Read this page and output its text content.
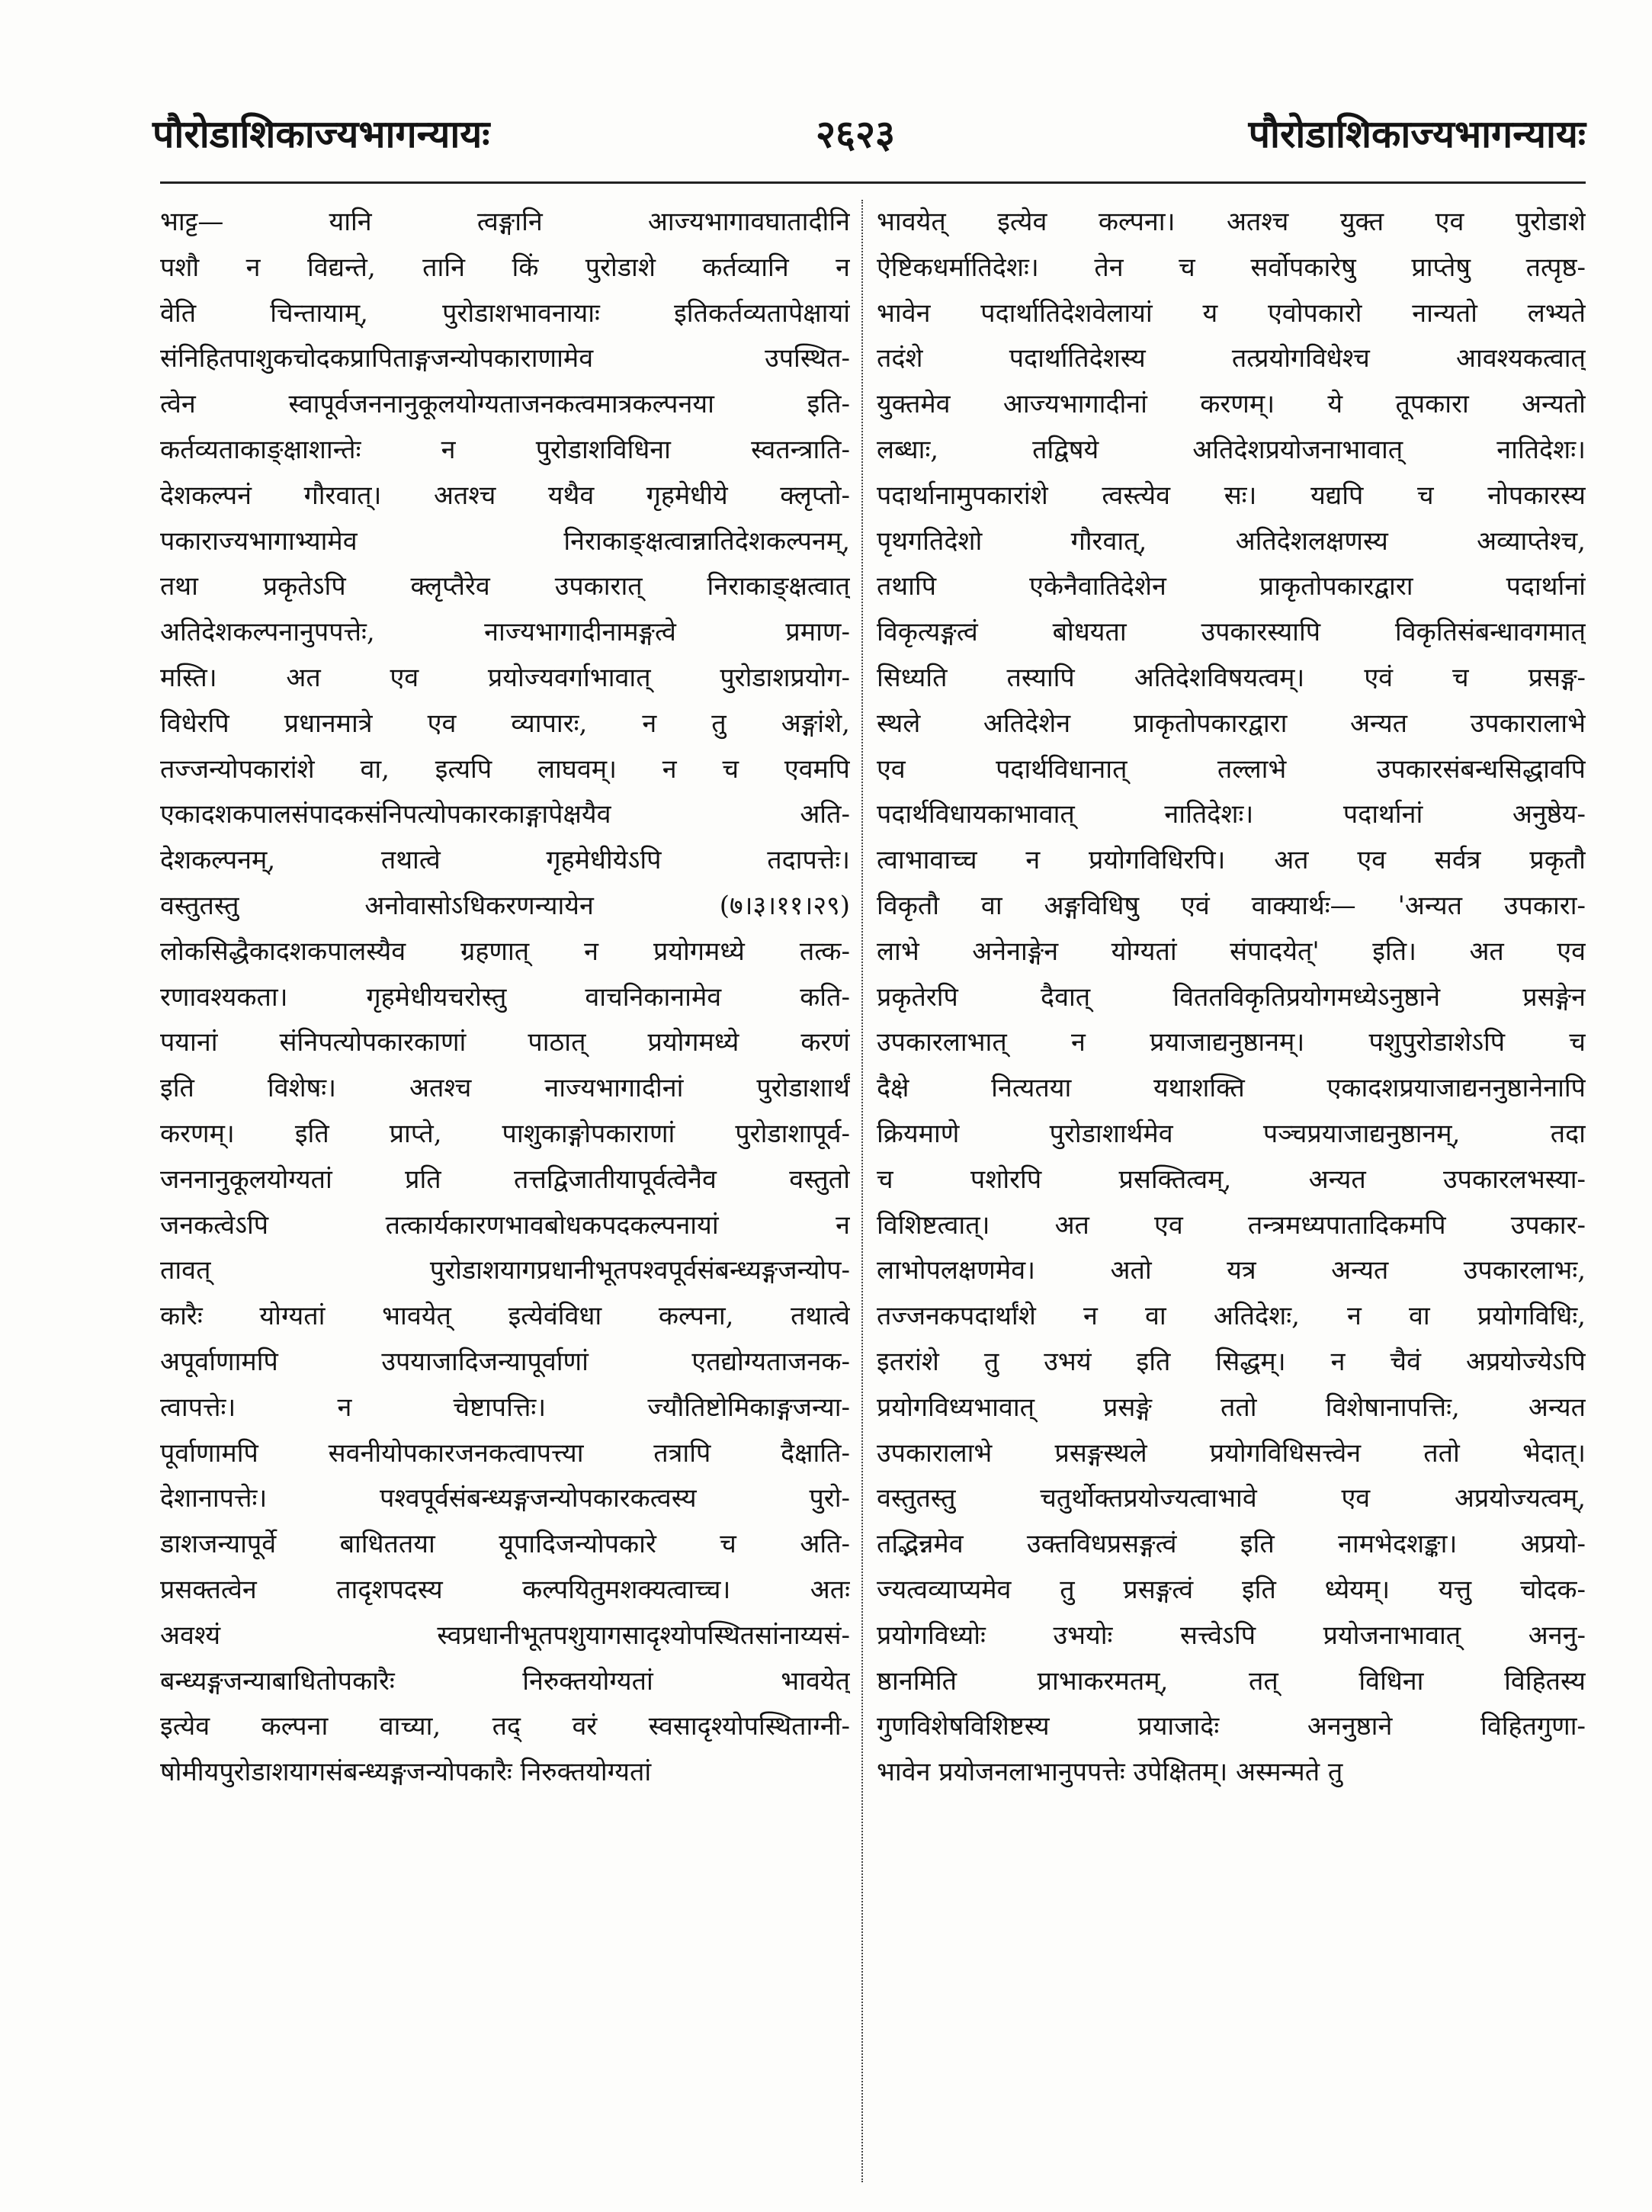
पौरोडाशिकाज्यभागन्यायः	२६२३	पौरोडाशिकाज्यभागन्यायः
भाट्ट— यानि त्वङ्गानि आज्यभागावघातादीनि
पशौ न विद्यन्ते, तानि किं पुरोडाशे कर्तव्यानि न
वेति चिन्तायाम्, पुरोडाशभावनायाः इतिकर्तव्यतापेक्षायां
संनिहितपाशुकचोदकप्रापिताङ्गजन्योपकाराणामेव उपस्थित-
त्वेन स्वापूर्वजननानुकूलयोग्यताजनकत्वमात्रकल्पनया इति-
कर्तव्यताकाङ्क्षाशान्तेः न पुरोडाशविधिना स्वतन्त्राति-
देशकल्पनं गौरवात्। अतश्च यथैव गृहमेधीये क्लृप्तो-
पकाराज्यभागाभ्यामेव निराकाङ्क्षत्वान्नातिदेशकल्पनम्,
तथा प्रकृतेऽपि क्लृप्तैरेव उपकारात् निराकाङ्क्षत्वात्
अतिदेशकल्पनानुपपत्तेः, नाज्यभागादीनामङ्गत्वे प्रमाण-
मस्ति। अत एव प्रयोज्यवर्गाभावात् पुरोडाशप्रयोग-
विधेरपि प्रधानमात्रे एव व्यापारः, न तु अङ्गांशे,
तज्जन्योपकारांशे वा, इत्यपि लाघवम्। न च एवमपि
एकादशकपालसंपादकसंनिपत्योपकारकाङ्गापेक्षयैव अति-
देशकल्पनम्, तथात्वे गृहमेधीयेऽपि तदापत्तेः।
वस्तुतस्तु अनोवासोऽधिकरणन्यायेन (७।३।११।२९)
लोकसिद्धैकादशकपालस्यैव ग्रहणात् न प्रयोगमध्ये तत्क-
रणावश्यकता। गृहमेधीयचरोस्तु वाचनिकानामेव कति-
पयानां संनिपत्योपकारकाणां पाठात् प्रयोगमध्ये करणं
इति विशेषः। अतश्च नाज्यभागादीनां पुरोडाशार्थं
करणम्। इति प्राप्ते, पाशुकाङ्गोपकाराणां पुरोडाशापूर्व-
जननानुकूलयोग्यतां प्रति तत्तद्विजातीयापूर्वत्वेनैव वस्तुतो
जनकत्वेऽपि तत्कार्यकारणभावबोधकपदकल्पनायां न
तावत् पुरोडाशयागप्रधानीभूतपश्वपूर्वसंबन्ध्यङ्गजन्योप-
कारैः योग्यतां भावयेत् इत्येवंविधा कल्पना, तथात्वे
अपूर्वाणामपि उपयाजादिजन्यापूर्वाणां एतद्योग्यताजनक-
त्वापत्तेः। न चेष्टापत्तिः। ज्यौतिष्टोमिकाङ्गजन्या-
पूर्वाणामपि सवनीयोपकारजनकत्वापत्त्या तत्रापि दैक्षाति-
देशानापत्तेः। पश्वपूर्वसंबन्ध्यङ्गजन्योपकारकत्वस्य पुरो-
डाशजन्यापूर्वे बाधिततया यूपादिजन्योपकारे च अति-
प्रसक्तत्वेन तादृशपदस्य कल्पयितुमशक्यत्वाच्च। अतः
अवश्यं स्वप्रधानीभूतपशुयागसादृश्योपस्थितसांनाय्यसं-
बन्ध्यङ्गजन्याबाधितोपकारैः निरुक्तयोग्यतां भावयेत्
इत्येव कल्पना वाच्या, तद् वरं स्वसादृश्योपस्थिताग्नी-
षोमीयपुरोडाशयागसंबन्ध्यङ्गजन्योपकारैः निरुक्तयोग्यतां
भावयेत् इत्येव कल्पना। अतश्च युक्त एव पुरोडाशे
ऐष्टिकधर्मातिदेशः। तेन च सर्वोपकारेषु प्राप्तेषु तत्पृष्ठ-
भावेन पदार्थातिदेशवेलायां य एवोपकारो नान्यतो लभ्यते
तदंशे पदार्थातिदेशस्य तत्प्रयोगविधेश्च आवश्यकत्वात्
युक्तमेव आज्यभागादीनां करणम्। ये तूपकारा अन्यतो
लब्धाः, तद्विषये अतिदेशप्रयोजनाभावात् नातिदेशः।
पदार्थानामुपकारांशे त्वस्त्येव सः। यद्यपि च नोपकारस्य
पृथगतिदेशो गौरवात्, अतिदेशलक्षणस्य अव्याप्तेश्च,
तथापि एकेनैवातिदेशेन प्राकृतोपकारद्वारा पदार्थानां
विकृत्यङ्गत्वं बोधयता उपकारस्यापि विकृतिसंबन्धावगमात्
सिध्यति तस्यापि अतिदेशविषयत्वम्। एवं च प्रसङ्ग-
स्थले अतिदेशेन प्राकृतोपकारद्वारा अन्यत उपकारालाभे
एव पदार्थविधानात् तल्लाभे उपकारसंबन्धसिद्धावपि
पदार्थविधायकाभावात् नातिदेशः। पदार्थानां अनुष्ठेय-
त्वाभावाच्च न प्रयोगविधिरपि। अत एव सर्वत्र प्रकृतौ
विकृतौ वा अङ्गविधिषु एवं वाक्यार्थः— 'अन्यत उपकारा-
लाभे अनेनाङ्गेन योग्यतां संपादयेत्' इति। अत एव
प्रकृतेरपि दैवात् विततविकृतिप्रयोगमध्येऽनुष्ठाने प्रसङ्गेन
उपकारलाभात् न प्रयाजाद्यनुष्ठानम्। पशुपुरोडाशेऽपि च
दैक्षे नित्यतया यथाशक्ति एकादशप्रयाजाद्यननुष्ठानेनापि
क्रियमाणे पुरोडाशार्थमेव पञ्चप्रयाजाद्यनुष्ठानम्, तदा
च पशोरपि प्रसक्तित्वम्, अन्यत उपकारलभस्या-
विशिष्टत्वात्। अत एव तन्त्रमध्यपातादिकमपि उपकार-
लाभोपलक्षणमेव। अतो यत्र अन्यत उपकारलाभः,
तज्जनकपदार्थांशे न वा अतिदेशः, न वा प्रयोगविधिः,
इतरांशे तु उभयं इति सिद्धम्। न चैवं अप्रयोज्येऽपि
प्रयोगविध्यभावात् प्रसङ्गे ततो विशेषानापत्तिः, अन्यत
उपकारालाभे प्रसङ्गस्थले प्रयोगविधिसत्त्वेन ततो भेदात्।
वस्तुतस्तु चतुर्थोक्तप्रयोज्यत्वाभावे एव अप्रयोज्यत्वम्,
तद्भिन्नमेव उक्तविधप्रसङ्गत्वं इति नामभेदशङ्का। अप्रयो-
ज्यत्वव्याप्यमेव तु प्रसङ्गत्वं इति ध्येयम्। यत्तु चोदक-
प्रयोगविध्योः उभयोः सत्त्वेऽपि प्रयोजनाभावात् अननु-
ष्ठानमिति प्राभाकरमतम्, तत् विधिना विहितस्य
गुणविशेषविशिष्टस्य प्रयाजादेः अननुष्ठाने विहितगुणा-
भावेन प्रयोजनलाभानुपपत्तेः उपेक्षितम्। अस्मन्मते तु
